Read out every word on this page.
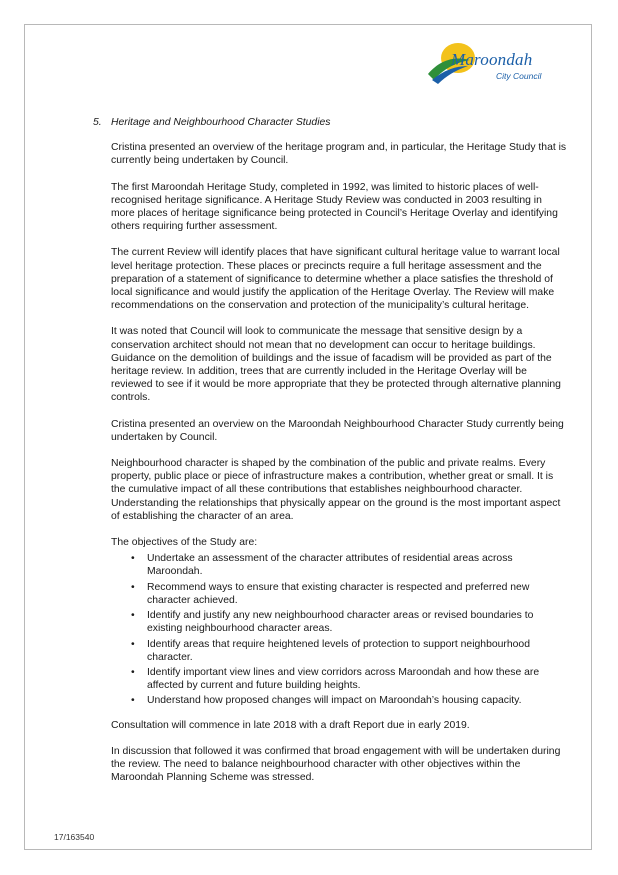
Maroondah
City Council
5. Heritage and Neighbourhood Character Studies

Cristina presented an overview of the heritage program and, in particular, the Heritage Study that is currently being undertaken by Council.

The first Maroondah Heritage Study, completed in 1992, was limited to historic places of well-recognised heritage significance. A Heritage Study Review was conducted in 2003 resulting in more places of heritage significance being protected in Council’s Heritage Overlay and identifying others requiring further assessment.

The current Review will identify places that have significant cultural heritage value to warrant local level heritage protection. These places or precincts require a full heritage assessment and the preparation of a statement of significance to determine whether a place satisfies the threshold of local significance and would justify the application of the Heritage Overlay. The Review will make recommendations on the conservation and protection of the municipality’s cultural heritage.

It was noted that Council will look to communicate the message that sensitive design by a conservation architect should not mean that no development can occur to heritage buildings. Guidance on the demolition of buildings and the issue of facadism will be provided as part of the heritage review. In addition, trees that are currently included in the Heritage Overlay will be reviewed to see if it would be more appropriate that they be protected through alternative planning controls.

Cristina presented an overview on the Maroondah Neighbourhood Character Study currently being undertaken by Council.

Neighbourhood character is shaped by the combination of the public and private realms. Every property, public place or piece of infrastructure makes a contribution, whether great or small. It is the cumulative impact of all these contributions that establishes neighbourhood character. Understanding the relationships that physically appear on the ground is the most important aspect of establishing the character of an area.

The objectives of the Study are:

• Undertake an assessment of the character attributes of residential areas across Maroondah.
• Recommend ways to ensure that existing character is respected and preferred new character achieved.
• Identify and justify any new neighbourhood character areas or revised boundaries to existing neighbourhood character areas.
• Identify areas that require heightened levels of protection to support neighbourhood character.
• Identify important view lines and view corridors across Maroondah and how these are affected by current and future building heights.
• Understand how proposed changes will impact on Maroondah’s housing capacity.

Consultation will commence in late 2018 with a draft Report due in early 2019.

In discussion that followed it was confirmed that broad engagement with will be undertaken during the review. The need to balance neighbourhood character with other objectives within the Maroondah Planning Scheme was stressed.

17/163540
